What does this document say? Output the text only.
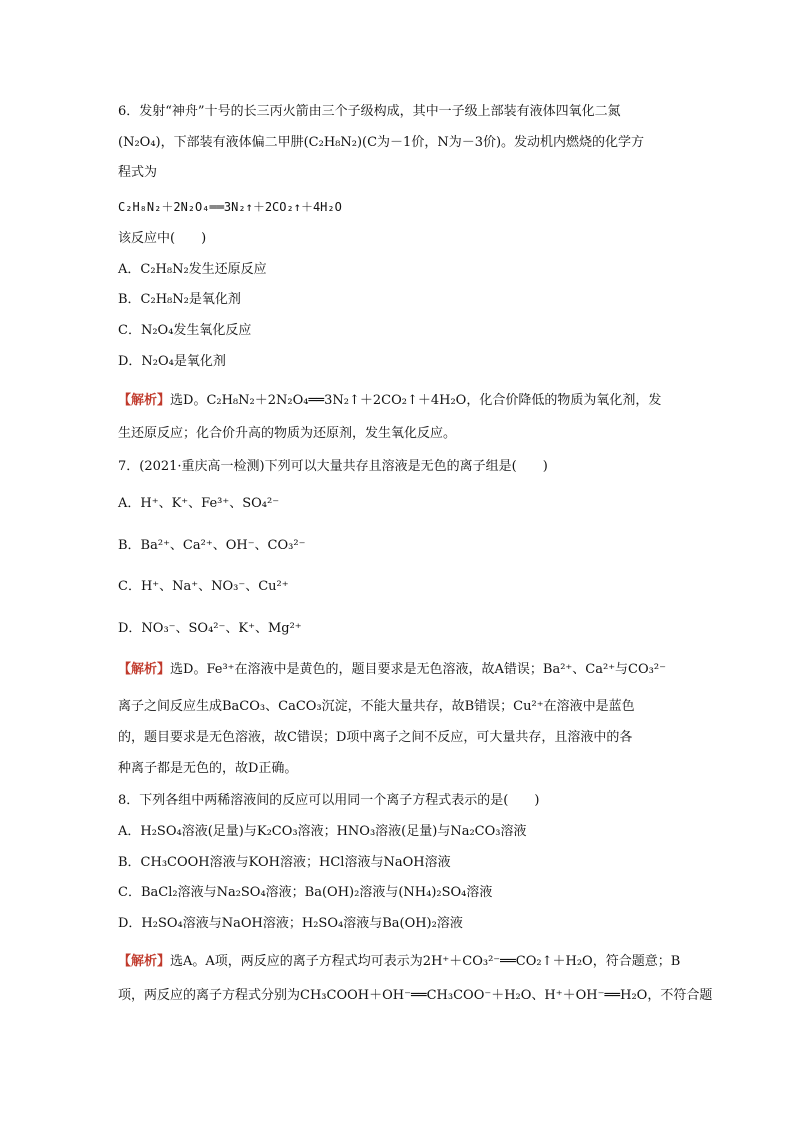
6．发射“神舟”十号的长三丙火箭由三个子级构成，其中一子级上部装有液体四氧化二氮
(N₂O₄)，下部装有液体偏二甲肼(C₂H₈N₂)(C为－1价，N为－3价)。发动机内燃烧的化学方
程式为
C₂H₈N₂＋2N₂O₄══3N₂↑＋2CO₂↑＋4H₂O
该反应中(　　)
A．C₂H₈N₂发生还原反应
B．C₂H₈N₂是氧化剂
C．N₂O₄发生氧化反应
D．N₂O₄是氧化剂
【解析】选D。C₂H₈N₂＋2N₂O₄══3N₂↑＋2CO₂↑＋4H₂O，化合价降低的物质为氧化剂，发
生还原反应；化合价升高的物质为还原剂，发生氧化反应。
7．(2021·重庆高一检测)下列可以大量共存且溶液是无色的离子组是(　　)
A．H⁺、K⁺、Fe³⁺、SO₄²⁻
B．Ba²⁺、Ca²⁺、OH⁻、CO₃²⁻
C．H⁺、Na⁺、NO₃⁻、Cu²⁺
D．NO₃⁻、SO₄²⁻、K⁺、Mg²⁺
【解析】选D。Fe³⁺在溶液中是黄色的，题目要求是无色溶液，故A错误；Ba²⁺、Ca²⁺与CO₃²⁻
离子之间反应生成BaCO₃、CaCO₃沉淀，不能大量共存，故B错误；Cu²⁺在溶液中是蓝色
的，题目要求是无色溶液，故C错误；D项中离子之间不反应，可大量共存，且溶液中的各
种离子都是无色的，故D正确。
8．下列各组中两稀溶液间的反应可以用同一个离子方程式表示的是(　　)
A．H₂SO₄溶液(足量)与K₂CO₃溶液；HNO₃溶液(足量)与Na₂CO₃溶液
B．CH₃COOH溶液与KOH溶液；HCl溶液与NaOH溶液
C．BaCl₂溶液与Na₂SO₄溶液；Ba(OH)₂溶液与(NH₄)₂SO₄溶液
D．H₂SO₄溶液与NaOH溶液；H₂SO₄溶液与Ba(OH)₂溶液
【解析】选A。A项，两反应的离子方程式均可表示为2H⁺＋CO₃²⁻══CO₂↑＋H₂O，符合题意；B
项，两反应的离子方程式分别为CH₃COOH＋OH⁻══CH₃COO⁻＋H₂O、H⁺＋OH⁻══H₂O，不符合题
